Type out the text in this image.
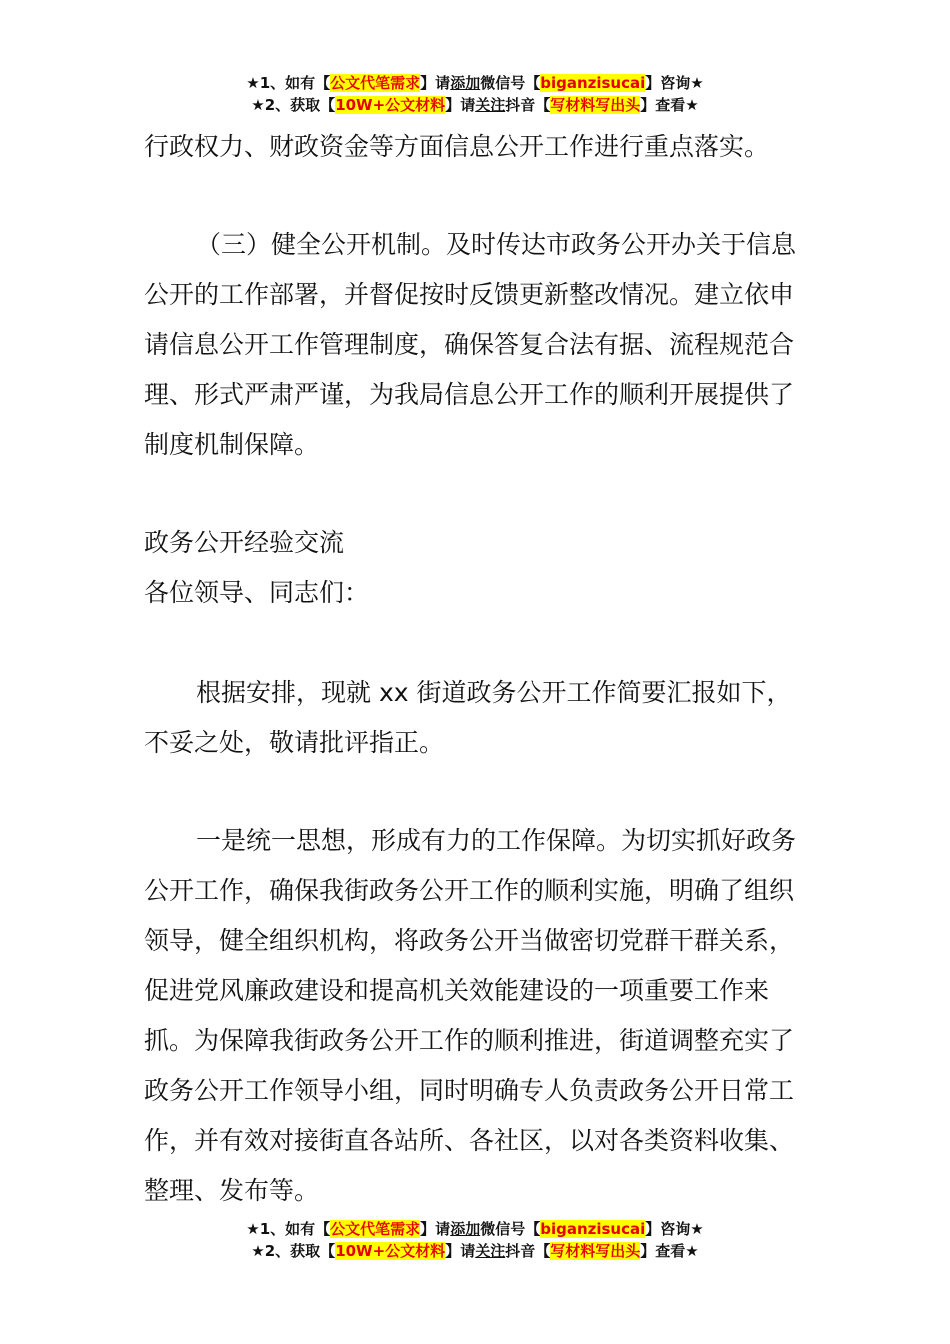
★1、如有【公文代笔需求】请添加微信号【biganzisucai】咨询★
★2、获取【10W+公文材料】请关注抖音【写材料写出头】查看★
行政权力、财政资金等方面信息公开工作进行重点落实。
（三）健全公开机制。及时传达市政务公开办关于信息公开的工作部署，并督促按时反馈更新整改情况。建立依申请信息公开工作管理制度，确保答复合法有据、流程规范合理、形式严肃严谨，为我局信息公开工作的顺利开展提供了制度机制保障。
政务公开经验交流
各位领导、同志们：
根据安排，现就 xx 街道政务公开工作简要汇报如下，不妥之处，敬请批评指正。
一是统一思想，形成有力的工作保障。为切实抓好政务公开工作，确保我街政务公开工作的顺利实施，明确了组织领导，健全组织机构，将政务公开当做密切党群干群关系，促进党风廉政建设和提高机关效能建设的一项重要工作来抓。为保障我街政务公开工作的顺利推进，街道调整充实了政务公开工作领导小组，同时明确专人负责政务公开日常工作，并有效对接街直各站所、各社区，以对各类资料收集、整理、发布等。
★1、如有【公文代笔需求】请添加微信号【biganzisucai】咨询★
★2、获取【10W+公文材料】请关注抖音【写材料写出头】查看★
